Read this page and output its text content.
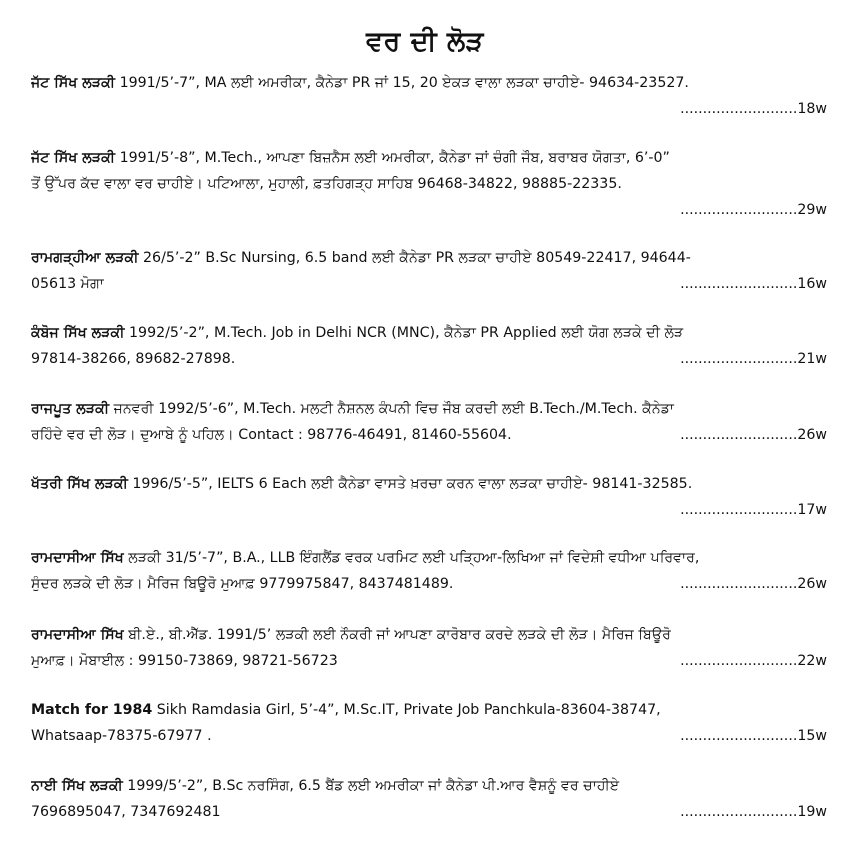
ਵਰ ਦੀ ਲੋੜ

ਜੱਟ ਸਿੱਖ ਲੜਕੀ 1991/5’-7”, MA ਲਈ ਅਮਰੀਕਾ, ਕੈਨੇਡਾ PR ਜਾਂ 15, 20 ਏਕੜ ਵਾਲਾ ਲੜਕਾ ਚਾਹੀਏ- 94634-23527.

..........................18w

ਜੱਟ ਸਿੱਖ ਲੜਕੀ 1991/5’-8”, M.Tech., ਆਪਣਾ ਬਿਜ਼ਨੈਸ ਲਈ ਅਮਰੀਕਾ, ਕੈਨੇਡਾ ਜਾਂ ਚੰਗੀ ਜੌਬ, ਬਰਾਬਰ ਯੋਗਤਾ, 6’-0”

ਤੋਂ ਉੱਪਰ ਕੱਦ ਵਾਲਾ ਵਰ ਚਾਹੀਏ। ਪਟਿਆਲਾ, ਮੁਹਾਲੀ, ਫ਼ਤਹਿਗੜ੍ਹ ਸਾਹਿਬ 96468-34822, 98885-22335.

..........................29w

ਰਾਮਗੜ੍ਹੀਆ ਲੜਕੀ 26/5’-2” B.Sc Nursing, 6.5 band ਲਈ ਕੈਨੇਡਾ PR ਲੜਕਾ ਚਾਹੀਏ 80549-22417, 94644-

05613 ਮੋਗਾ	..........................16w

ਕੰਬੋਜ ਸਿੱਖ ਲੜਕੀ 1992/5’-2”, M.Tech. Job in Delhi NCR (MNC), ਕੈਨੇਡਾ PR Applied ਲਈ ਯੋਗ ਲੜਕੇ ਦੀ ਲੋੜ

97814-38266, 89682-27898.	..........................21w

ਰਾਜਪੂਤ ਲੜਕੀ ਜਨਵਰੀ 1992/5’-6”, M.Tech. ਮਲਟੀ ਨੈਸ਼ਨਲ ਕੰਪਨੀ ਵਿਚ ਜੌਬ ਕਰਦੀ ਲਈ B.Tech./M.Tech. ਕੈਨੇਡਾ

ਰਹਿੰਦੇ ਵਰ ਦੀ ਲੋੜ। ਦੁਆਬੇ ਨੂੰ ਪਹਿਲ। Contact : 98776-46491, 81460-55604.	..........................26w

ਖੱਤਰੀ ਸਿੱਖ ਲੜਕੀ 1996/5’-5”, IELTS 6 Each ਲਈ ਕੈਨੇਡਾ ਵਾਸਤੇ ਖ਼ਰਚਾ ਕਰਨ ਵਾਲਾ ਲੜਕਾ ਚਾਹੀਏ- 98141-32585.

..........................17w

ਰਾਮਦਾਸੀਆ ਸਿੱਖ ਲੜਕੀ 31/5’-7”, B.A., LLB ਇੰਗਲੈਂਡ ਵਰਕ ਪਰਮਿਟ ਲਈ ਪੜ੍ਹਿਆ-ਲਿਖਿਆ ਜਾਂ ਵਿਦੇਸ਼ੀ ਵਧੀਆ ਪਰਿਵਾਰ,

ਸੁੰਦਰ ਲੜਕੇ ਦੀ ਲੋੜ। ਮੈਰਿਜ ਬਿਊਰੋ ਮੁਆਫ਼ 9779975847, 8437481489.	..........................26w

ਰਾਮਦਾਸੀਆ ਸਿੱਖ ਬੀ.ਏ., ਬੀ.ਐੱਡ. 1991/5’ ਲੜਕੀ ਲਈ ਨੌਕਰੀ ਜਾਂ ਆਪਣਾ ਕਾਰੋਬਾਰ ਕਰਦੇ ਲੜਕੇ ਦੀ ਲੋੜ। ਮੈਰਿਜ ਬਿਊਰੋ

ਮੁਆਫ਼। ਮੋਬਾਈਲ : 99150-73869, 98721-56723	..........................22w

Match for 1984 Sikh Ramdasia Girl, 5’-4”, M.Sc.IT, Private Job Panchkula-83604-38747,

Whatsaap-78375-67977 .	..........................15w

ਨਾਈ ਸਿੱਖ ਲੜਕੀ 1999/5’-2”, B.Sc ਨਰਸਿੰਗ, 6.5 ਬੈਂਡ ਲਈ ਅਮਰੀਕਾ ਜਾਂ ਕੈਨੇਡਾ ਪੀ.ਆਰ ਵੈਸ਼ਨੂੰ ਵਰ ਚਾਹੀਏ

7696895047, 7347692481	..........................19w
